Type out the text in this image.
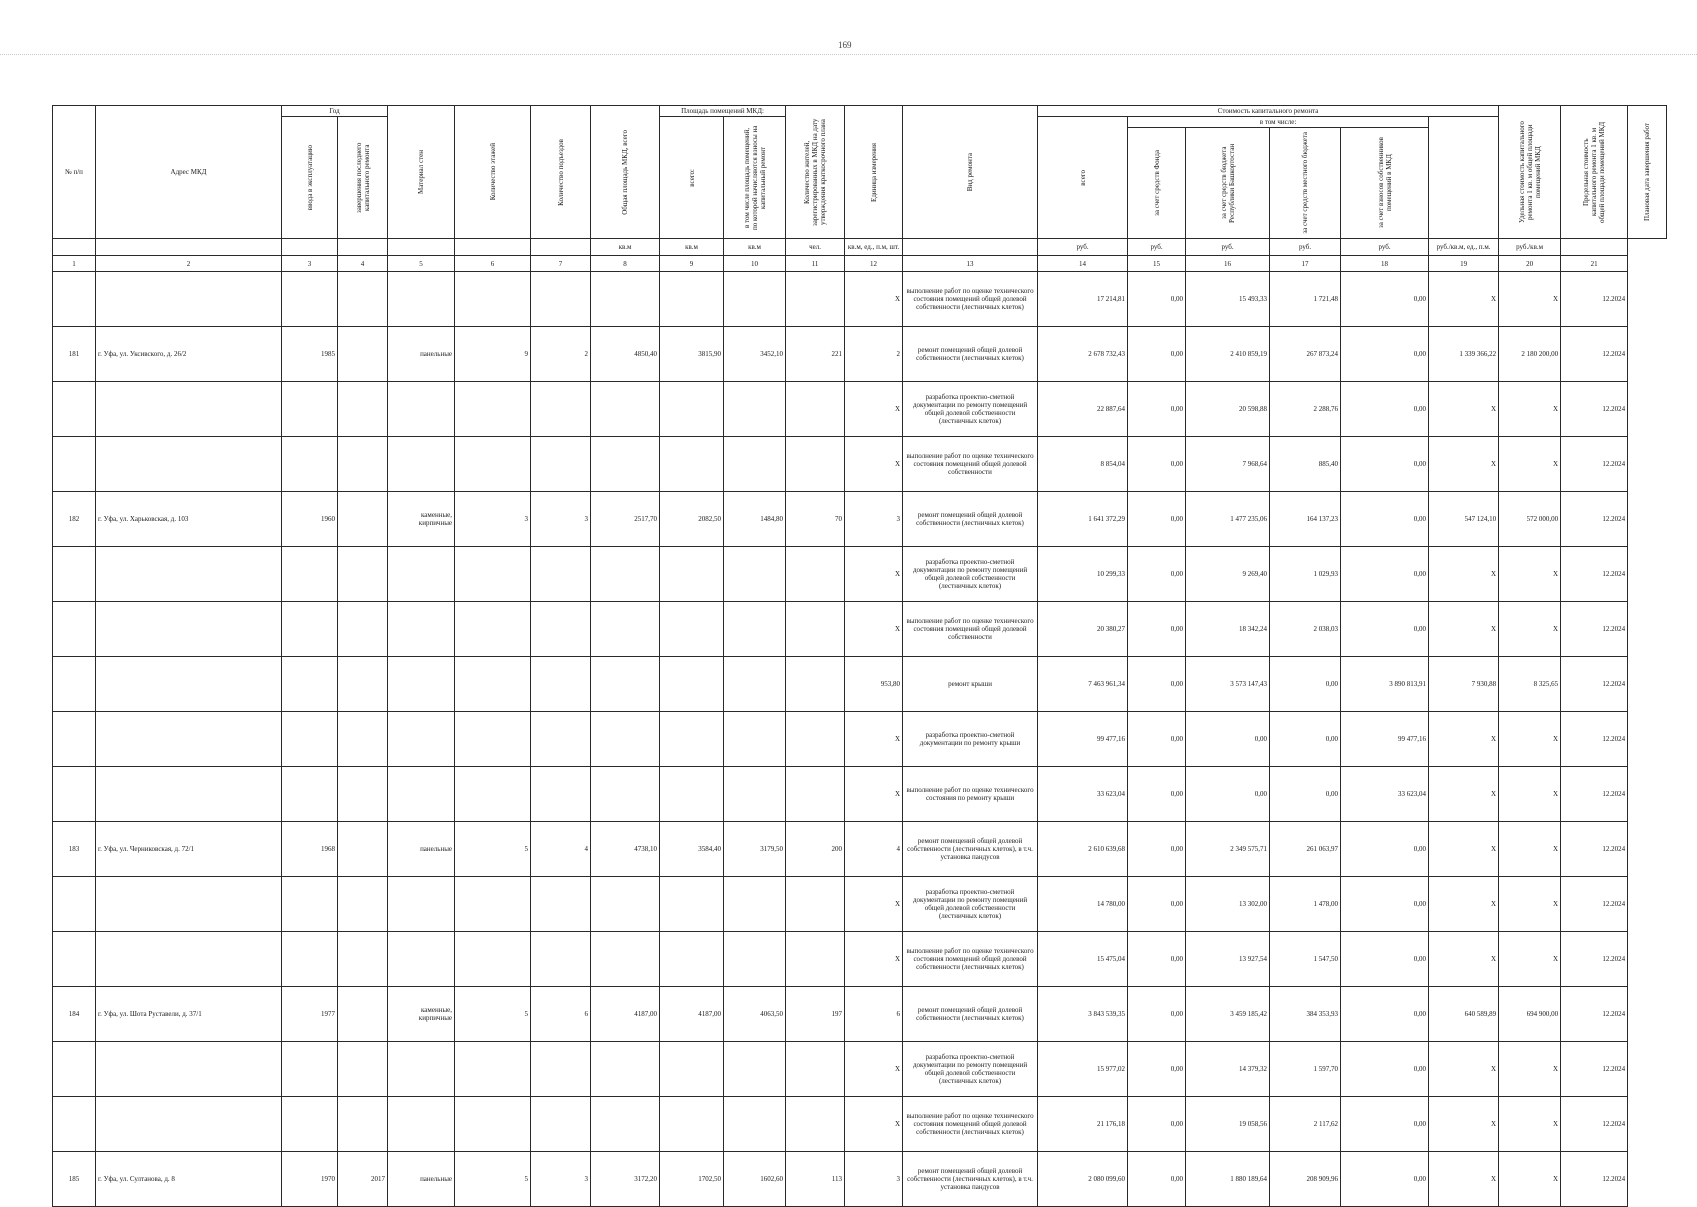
169
№ п/п	Адрес МКД	Год		Материал стен	Количество этажей	Количество подъездов	Общая площадь МКД, всего	Площадь помещений МКД:		Количество жителей, зарегистрированных в МКД на дату утверждения краткосрочного плана	Единица измерения	Вид ремонта	Стоимость капитального ремонта						Удельная стоимость капитального ремонта 1 кв. м общей площади помещений МКД	Предельная стоимость капитального ремонта 1 кв. м общей площади помещений МКД	Плановая дата завершения работ

		ввода в эксплуатацию	завершения последнего капитального ремонта					всего:	в том числе площадь помещений, по которой начисляются взносы на капитальный ремонт				всего	в том числе:							

														за счет средств Фонда	за счет средств бюджета Республики Башкортостан	за счет средств местного бюджета	за счет взносов собственников помещений в МКД				

							кв.м	кв.м	кв.м	чел.	кв.м, ед., п.м, шт.		руб.	руб.	руб.	руб.	руб.	руб./кв.м, ед., п.м.	руб./кв.м		
1	2	3	4	5	6	7	8	9	10	11	12	13	14	15	16	17	18	19	20	21	
											X	выполнение работ по оценке технического состояния помещений общей долевой собственности (лестничных клеток)	17 214,81	0,00	15 493,33	1 721,48	0,00	X	X	12.2024	
181	г. Уфа, ул. Уксивского, д. 26/2	1985		панельные	9	2	4850,40	3815,90	3452,10	221	2	ремонт помещений общей долевой собственности (лестничных клеток)	2 678 732,43	0,00	2 410 859,19	267 873,24	0,00	1 339 366,22	2 180 200,00	12.2024	
											X	разработка проектно-сметной документации по ремонту помещений общей долевой собственности (лестничных клеток)	22 887,64	0,00	20 598,88	2 288,76	0,00	X	X	12.2024	
											X	выполнение работ по оценке технического состояния помещений общей долевой собственности	8 854,04	0,00	7 968,64	885,40	0,00	X	X	12.2024	
182	г. Уфа, ул. Харьковская, д. 103	1960		каменные, кирпичные	3	3	2517,70	2082,50	1484,80	70	3	ремонт помещений общей долевой собственности (лестничных клеток)	1 641 372,29	0,00	1 477 235,06	164 137,23	0,00	547 124,10	572 000,00	12.2024	
											X	разработка проектно-сметной документации по ремонту помещений общей долевой собственности (лестничных клеток)	10 299,33	0,00	9 269,40	1 029,93	0,00	X	X	12.2024	
											X	выполнение работ по оценке технического состояния помещений общей долевой собственности	20 380,27	0,00	18 342,24	2 038,03	0,00	X	X	12.2024	
											953,80	ремонт крыши	7 463 961,34	0,00	3 573 147,43	0,00	3 890 813,91	7 930,88	8 325,65	12.2024	
											X	разработка проектно-сметной документации по ремонту крыши	99 477,16	0,00	0,00	0,00	99 477,16	X	X	12.2024	
											X	выполнение работ по оценке технического состояния по ремонту крыши	33 623,04	0,00	0,00	0,00	33 623,04	X	X	12.2024	
183	г. Уфа, ул. Черниковская, д. 72/1	1968		панельные	5	4	4738,10	3584,40	3179,50	200	4	ремонт помещений общей долевой собственности (лестничных клеток), в т.ч. установка пандусов	2 610 639,68	0,00	2 349 575,71	261 063,97	0,00	X	X	12.2024	
											X	разработка проектно-сметной документации по ремонту помещений общей долевой собственности (лестничных клеток)	14 780,00	0,00	13 302,00	1 478,00	0,00	X	X	12.2024	
											X	выполнение работ по оценке технического состояния помещений общей долевой собственности (лестничных клеток)	15 475,04	0,00	13 927,54	1 547,50	0,00	X	X	12.2024	
184	г. Уфа, ул. Шота Руставели, д. 37/1	1977		каменные, кирпичные	5	6	4187,00	4187,00	4063,50	197	6	ремонт помещений общей долевой собственности (лестничных клеток)	3 843 539,35	0,00	3 459 185,42	384 353,93	0,00	640 589,89	694 900,00	12.2024	
											X	разработка проектно-сметной документации по ремонту помещений общей долевой собственности (лестничных клеток)	15 977,02	0,00	14 379,32	1 597,70	0,00	X	X	12.2024	
											X	выполнение работ по оценке технического состояния помещений общей долевой собственности (лестничных клеток)	21 176,18	0,00	19 058,56	2 117,62	0,00	X	X	12.2024	
185	г. Уфа, ул. Султанова, д. 8	1970	2017	панельные	5	3	3172,20	1702,50	1602,60	113	3	ремонт помещений общей долевой собственности (лестничных клеток), в т.ч. установка пандусов	2 080 099,60	0,00	1 880 189,64	208 909,96	0,00	X	X	12.2024	
